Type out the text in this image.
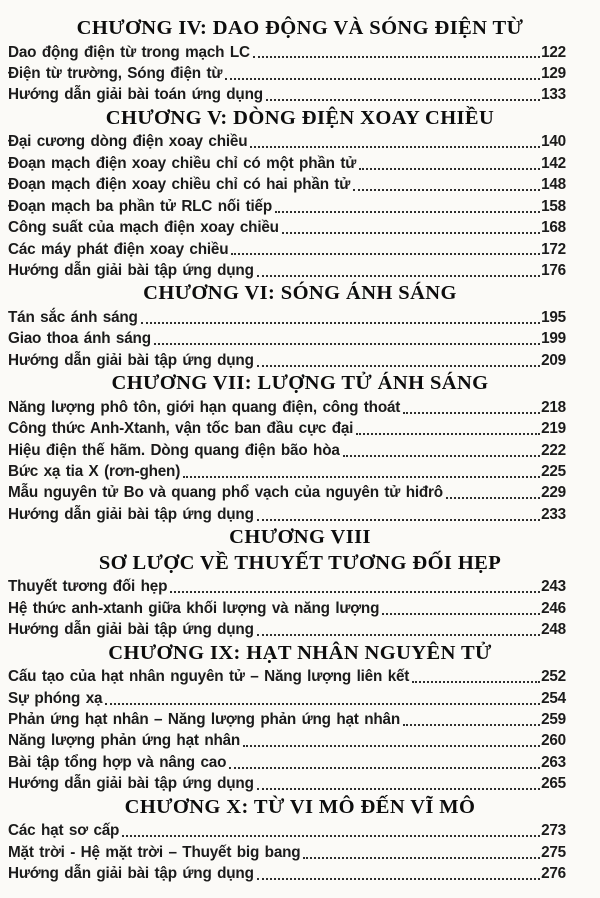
CHƯƠNG IV: DAO ĐỘNG VÀ SÓNG ĐIỆN TỪ
Dao động điện từ trong mạch LC	122
Điện từ trường, Sóng điện từ	129
Hướng dẫn giải bài toán ứng dụng	133
CHƯƠNG V: DÒNG ĐIỆN XOAY CHIỀU
Đại cương dòng điện xoay chiều	140
Đoạn mạch điện xoay chiều chỉ có một phần tử	142
Đoạn mạch điện xoay chiều chỉ có hai phần tử	148
Đoạn mạch ba phần tử RLC nối tiếp	158
Công suất của mạch điện xoay chiều	168
Các máy phát điện xoay chiều	172
Hướng dẫn giải bài tập ứng dụng	176
CHƯƠNG VI: SÓNG ÁNH SÁNG
Tán sắc ánh sáng	195
Giao thoa ánh sáng	199
Hướng dẫn giải bài tập ứng dụng	209
CHƯƠNG VII: LƯỢNG TỬ ÁNH SÁNG
Năng lượng phô tôn, giới hạn quang điện, công thoát	218
Công thức Anh-Xtanh, vận tốc ban đầu cực đại	219
Hiệu điện thế hãm. Dòng quang điện bão hòa	222
Bức xạ tia X (rơn-ghen)	225
Mẫu nguyên tử Bo và quang phổ vạch của nguyên tử hiđrô	229
Hướng dẫn giải bài tập ứng dụng	233
CHƯƠNG VIII
SƠ LƯỢC VỀ THUYẾT TƯƠNG ĐỐI HẸP
Thuyết tương đối hẹp	243
Hệ thức anh-xtanh giữa khối lượng và năng lượng	246
Hướng dẫn giải bài tập ứng dụng	248
CHƯƠNG IX: HẠT NHÂN NGUYÊN TỬ
Cấu tạo của hạt nhân nguyên tử – Năng lượng liên kết	252
Sự phóng xạ	254
Phản ứng hạt nhân – Năng lượng phản ứng hạt nhân	259
Năng lượng phản ứng hạt nhân	260
Bài tập tổng hợp và nâng cao	263
Hướng dẫn giải bài tập ứng dụng	265
CHƯƠNG X: TỪ VI MÔ ĐẾN VĨ MÔ
Các hạt sơ cấp	273
Mặt trời - Hệ mặt trời – Thuyết big bang	275
Hướng dẫn giải bài tập ứng dụng	276
